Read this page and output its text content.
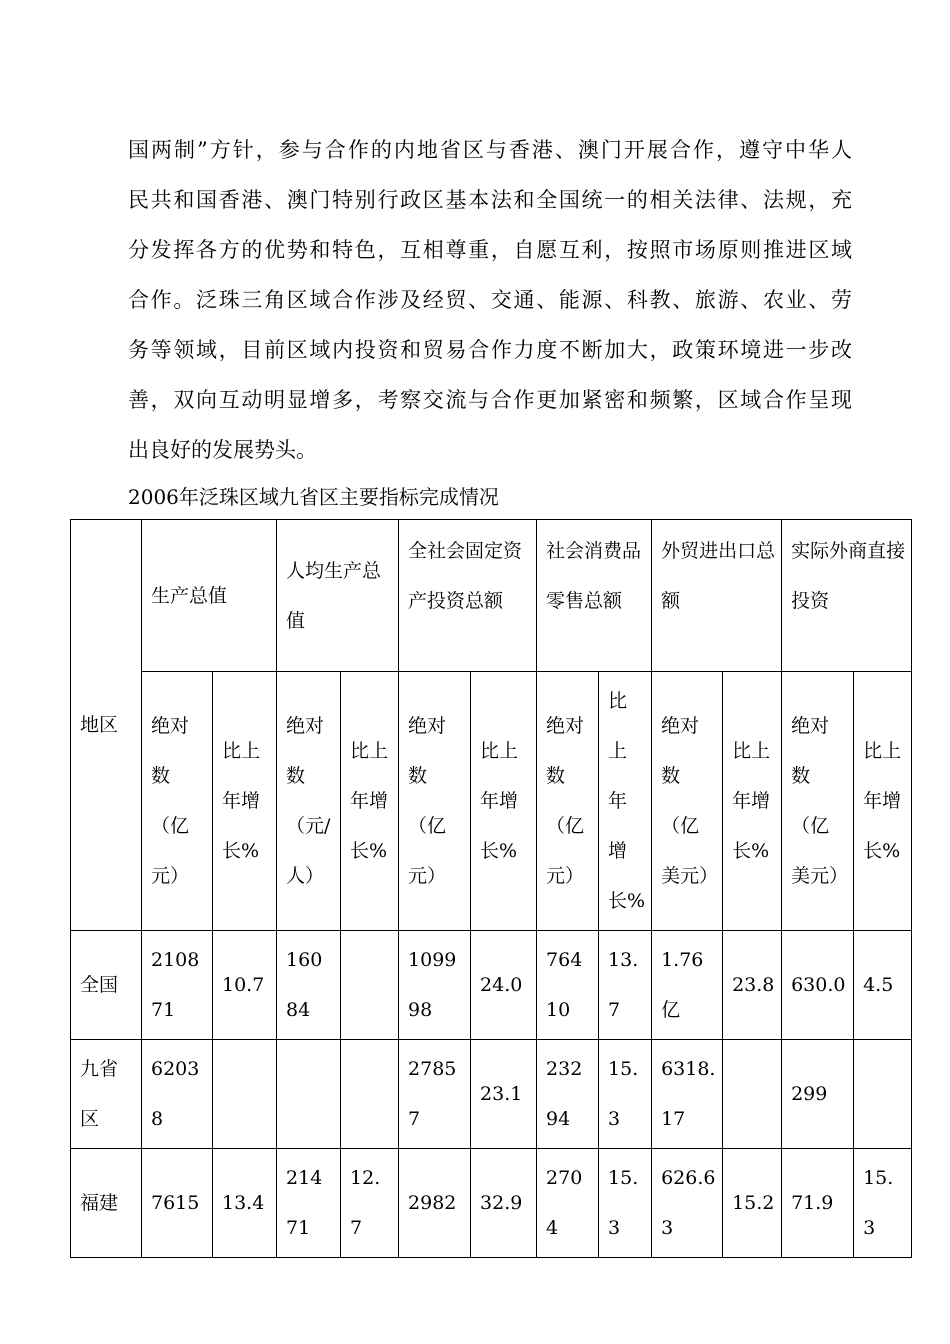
国两制”方针，参与合作的内地省区与香港、澳门开展合作，遵守中华人
民共和国香港、澳门特别行政区基本法和全国统一的相关法律、法规，充
分发挥各方的优势和特色，互相尊重，自愿互利，按照市场原则推进区域
合作。泛珠三角区域合作涉及经贸、交通、能源、科教、旅游、农业、劳
务等领域，目前区域内投资和贸易合作力度不断加大，政策环境进一步改
善，双向互动明显增多，考察交流与合作更加紧密和频繁，区域合作呈现
出良好的发展势头。
2006年泛珠区域九省区主要指标完成情况
地区	生产总值		人均生产总值		全社会固定资产投资总额		社会消费品零售总额		外贸进出口总额		实际外商直接投资	
	绝对数（亿元）	比上年增长%	绝对数（元/人）	比上年增长%	绝对数（亿元）	比上年增长%	绝对数（亿元）	比上年增长%	绝对数（亿美元）	比上年增长%	绝对数（亿美元）	比上年增长%
全国	210871	10.7	16084		109998	24.0	76410	13.7	1.76亿	23.8	630.0	4.5
九省区	62038				27857	23.1	23294	15.3	6318.17		299	
福建	7615	13.4	21471	12.7	2982	32.9	2704	15.3	626.63	15.2	71.9	15.3
